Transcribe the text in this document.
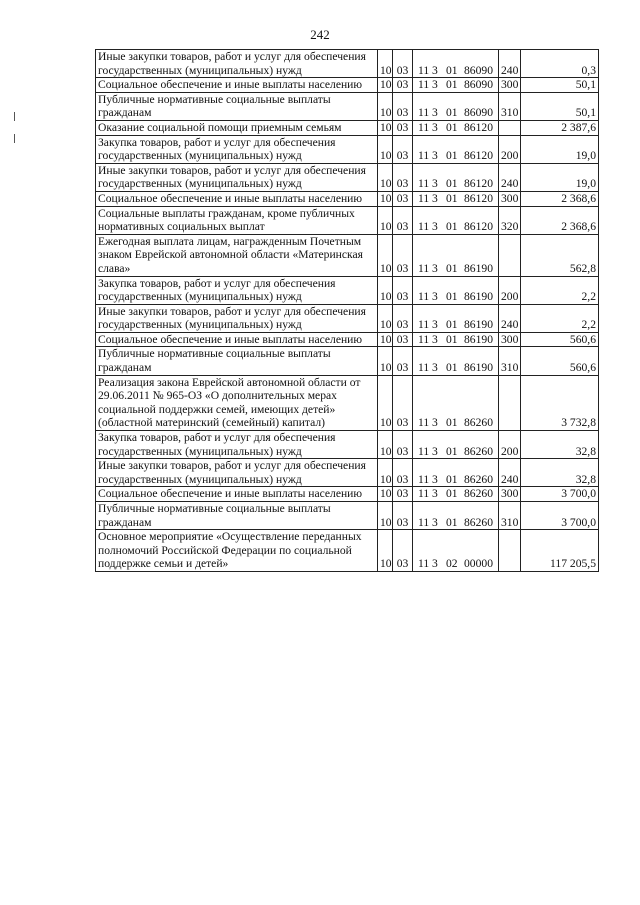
242
Иные закупки товаров, работ и услуг для обеспечения государственных (муниципальных) нужд	10	03	11 3 01 86090	240	0,3
Социальное обеспечение и иные выплаты населению	10	03	11 3 01 86090	300	50,1
Публичные нормативные социальные выплаты гражданам	10	03	11 3 01 86090	310	50,1
Оказание социальной помощи приемным семьям	10	03	11 3 01 86120		2 387,6
Закупка товаров, работ и услуг для обеспечения государственных (муниципальных) нужд	10	03	11 3 01 86120	200	19,0
Иные закупки товаров, работ и услуг для обеспечения государственных (муниципальных) нужд	10	03	11 3 01 86120	240	19,0
Социальное обеспечение и иные выплаты населению	10	03	11 3 01 86120	300	2 368,6
Социальные выплаты гражданам, кроме публичных нормативных социальных выплат	10	03	11 3 01 86120	320	2 368,6
Ежегодная выплата лицам, награжденным Почетным знаком Еврейской автономной области «Материнская слава»	10	03	11 3 01 86190		562,8
Закупка товаров, работ и услуг для обеспечения государственных (муниципальных) нужд	10	03	11 3 01 86190	200	2,2
Иные закупки товаров, работ и услуг для обеспечения государственных (муниципальных) нужд	10	03	11 3 01 86190	240	2,2
Социальное обеспечение и иные выплаты населению	10	03	11 3 01 86190	300	560,6
Публичные нормативные социальные выплаты гражданам	10	03	11 3 01 86190	310	560,6
Реализация закона Еврейской автономной области от 29.06.2011 № 965-ОЗ «О дополнительных мерах социальной поддержки семей, имеющих детей» (областной материнский (семейный) капитал)	10	03	11 3 01 86260		3 732,8
Закупка товаров, работ и услуг для обеспечения государственных (муниципальных) нужд	10	03	11 3 01 86260	200	32,8
Иные закупки товаров, работ и услуг для обеспечения государственных (муниципальных) нужд	10	03	11 3 01 86260	240	32,8
Социальное обеспечение и иные выплаты населению	10	03	11 3 01 86260	300	3 700,0
Публичные нормативные социальные выплаты гражданам	10	03	11 3 01 86260	310	3 700,0
Основное мероприятие «Осуществление переданных полномочий Российской Федерации по социальной поддержке семьи и детей»	10	03	11 3 02 00000		117 205,5
